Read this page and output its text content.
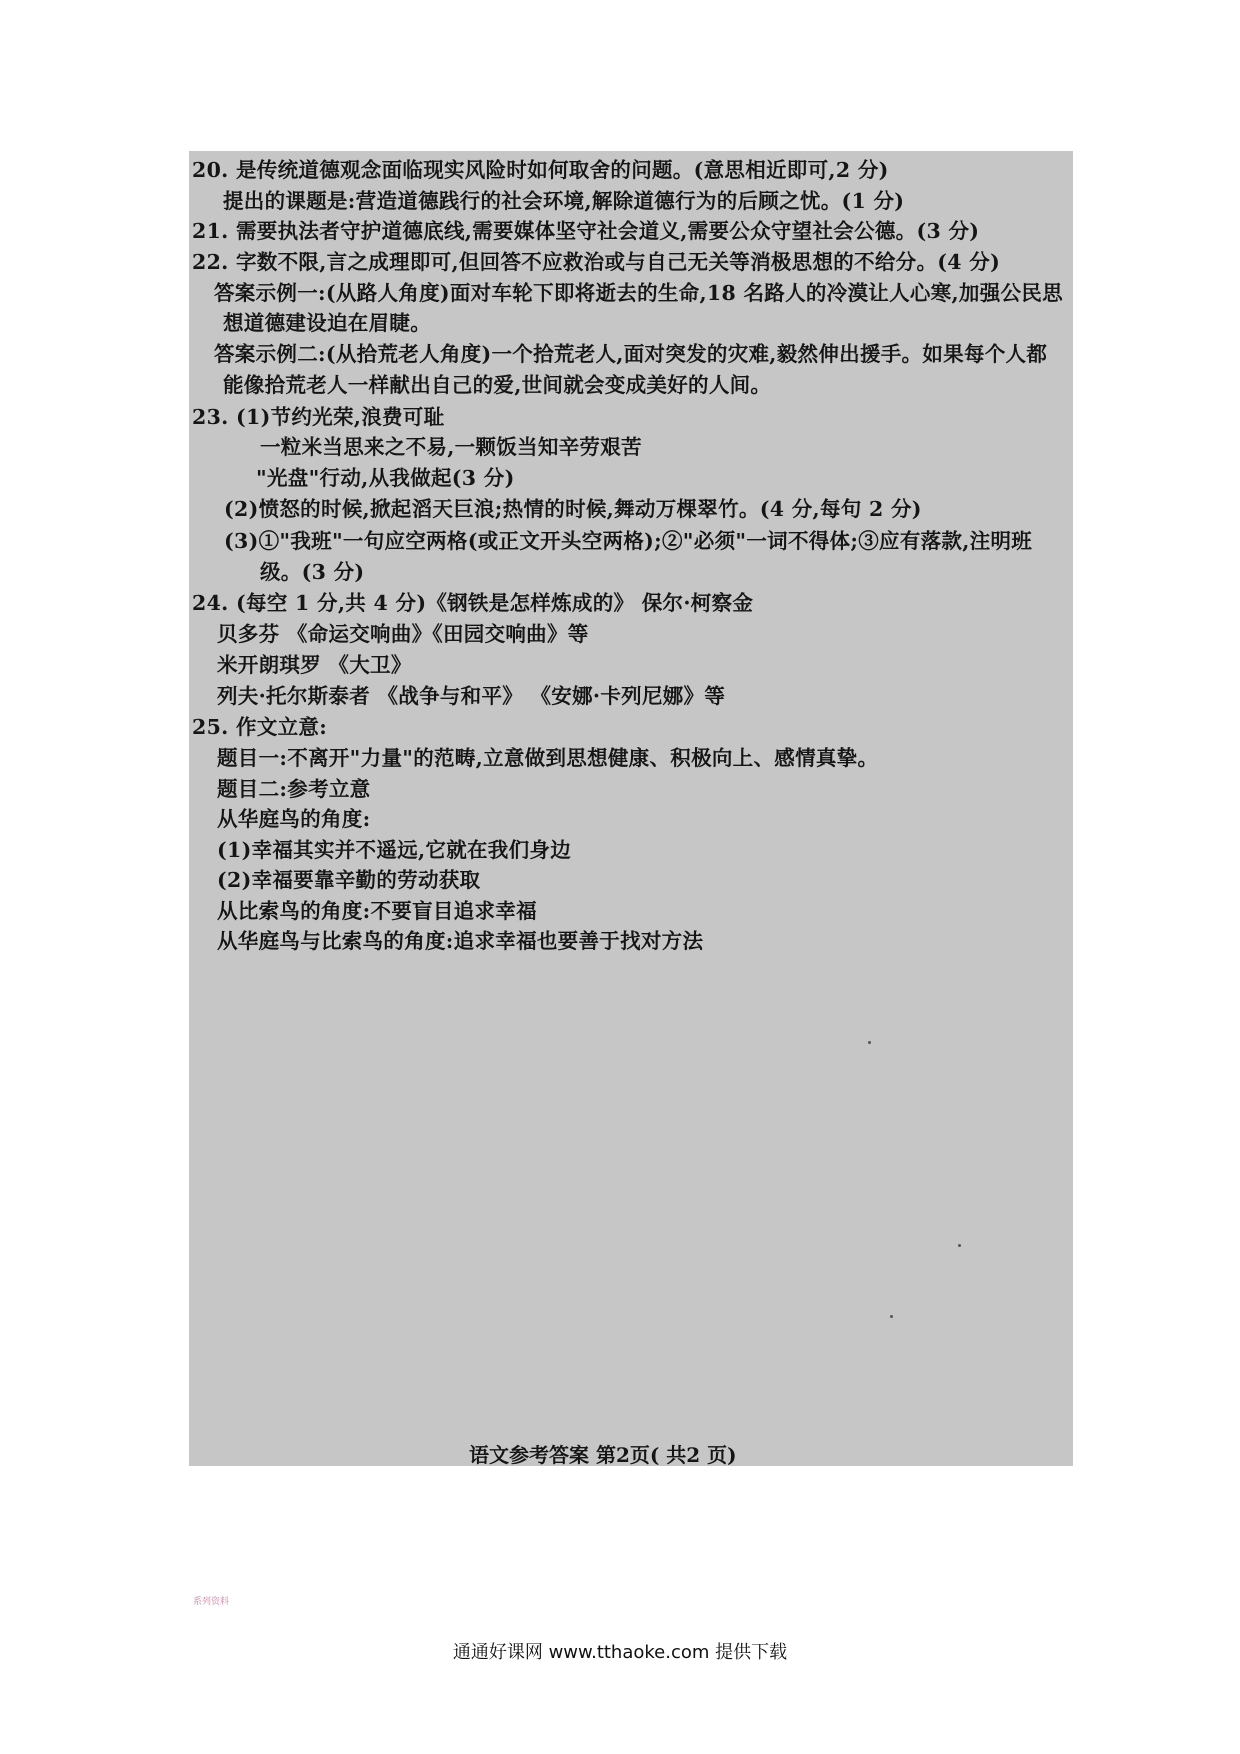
20. 是传统道德观念面临现实风险时如何取舍的问题。(意思相近即可,2 分)
提出的课题是:营造道德践行的社会环境,解除道德行为的后顾之忧。(1 分)
21. 需要执法者守护道德底线,需要媒体坚守社会道义,需要公众守望社会公德。(3 分)
22. 字数不限,言之成理即可,但回答不应救治或与自己无关等消极思想的不给分。(4 分)
答案示例一:(从路人角度)面对车轮下即将逝去的生命,18 名路人的冷漠让人心寒,加强公民思
想道德建设迫在眉睫。
答案示例二:(从拾荒老人角度)一个拾荒老人,面对突发的灾难,毅然伸出援手。如果每个人都
能像拾荒老人一样献出自己的爱,世间就会变成美好的人间。
23. (1)节约光荣,浪费可耻
一粒米当思来之不易,一颗饭当知辛劳艰苦
"光盘"行动,从我做起(3 分)
(2)愤怒的时候,掀起滔天巨浪;热情的时候,舞动万棵翠竹。(4 分,每句 2 分)
(3)①"我班"一句应空两格(或正文开头空两格);②"必须"一词不得体;③应有落款,注明班
级。(3 分)
24. (每空 1 分,共 4 分)《钢铁是怎样炼成的》 保尔·柯察金
贝多芬 《命运交响曲》《田园交响曲》等
米开朗琪罗 《大卫》
列夫·托尔斯泰者 《战争与和平》 《安娜·卡列尼娜》等
25. 作文立意:
题目一:不离开"力量"的范畴,立意做到思想健康、积极向上、感情真挚。
题目二:参考立意
从华庭鸟的角度:
(1)幸福其实并不遥远,它就在我们身边
(2)幸福要靠辛勤的劳动获取
从比索鸟的角度:不要盲目追求幸福
从华庭鸟与比索鸟的角度:追求幸福也要善于找对方法
语文参考答案 第2页( 共2 页)
系列资料
通通好课网 www.tthaoke.com 提供下载
